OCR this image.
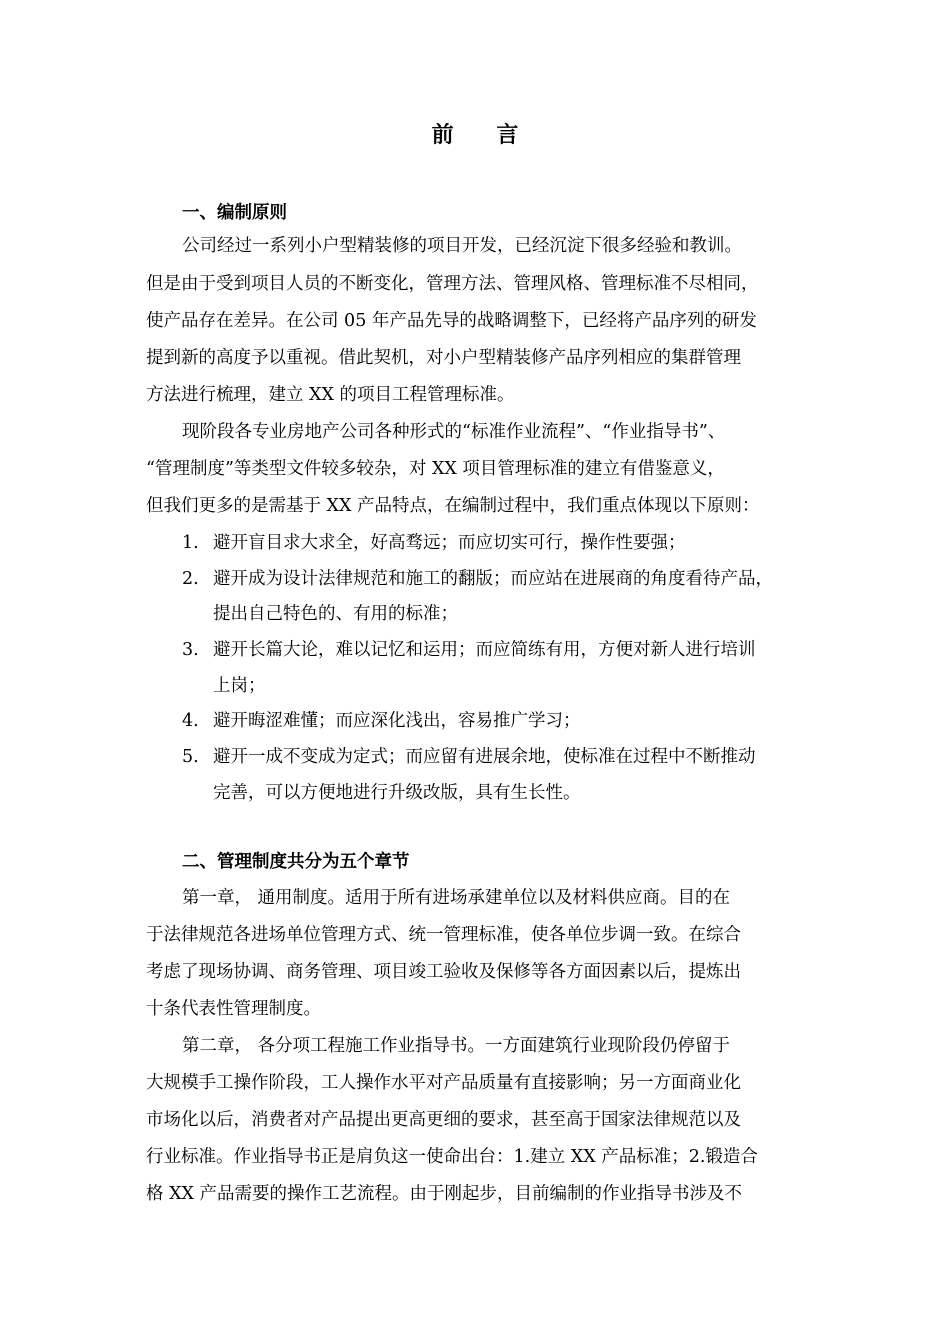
前 言
一、编制原则
公司经过一系列小户型精装修的项目开发，已经沉淀下很多经验和教训。
但是由于受到项目人员的不断变化，管理方法、管理风格、管理标准不尽相同，
使产品存在差异。在公司 05 年产品先导的战略调整下，已经将产品序列的研发
提到新的高度予以重视。借此契机，对小户型精装修产品序列相应的集群管理
方法进行梳理，建立 XX 的项目工程管理标准。
现阶段各专业房地产公司各种形式的“标准作业流程”、“作业指导书”、
“管理制度”等类型文件较多较杂，对 XX 项目管理标准的建立有借鉴意义，
但我们更多的是需基于 XX 产品特点，在编制过程中，我们重点体现以下原则：
1. 避开盲目求大求全，好高骛远；而应切实可行，操作性要强；
2. 避开成为设计法律规范和施工的翻版；而应站在进展商的角度看待产品，
提出自己特色的、有用的标准；
3. 避开长篇大论，难以记忆和运用；而应简练有用，方便对新人进行培训
上岗；
4. 避开晦涩难懂；而应深化浅出，容易推广学习；
5. 避开一成不变成为定式；而应留有进展余地，使标准在过程中不断推动
完善，可以方便地进行升级改版，具有生长性。
二、管理制度共分为五个章节
第一章， 通用制度。适用于所有进场承建单位以及材料供应商。目的在
于法律规范各进场单位管理方式、统一管理标准，使各单位步调一致。在综合
考虑了现场协调、商务管理、项目竣工验收及保修等各方面因素以后，提炼出
十条代表性管理制度。
第二章， 各分项工程施工作业指导书。一方面建筑行业现阶段仍停留于
大规模手工操作阶段，工人操作水平对产品质量有直接影响；另一方面商业化
市场化以后，消费者对产品提出更高更细的要求，甚至高于国家法律规范以及
行业标准。作业指导书正是肩负这一使命出台：1.建立 XX 产品标准；2.锻造合
格 XX 产品需要的操作工艺流程。由于刚起步，目前编制的作业指导书涉及不
